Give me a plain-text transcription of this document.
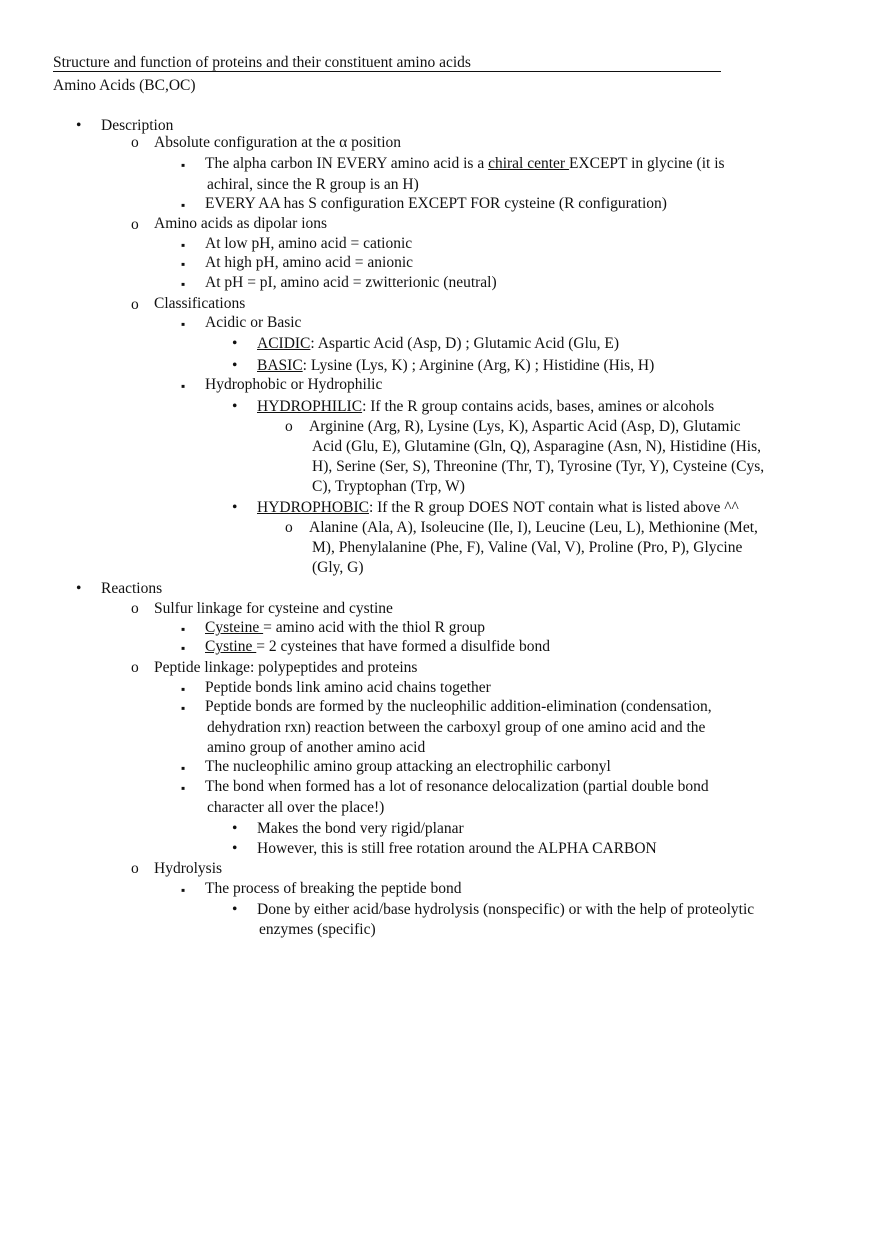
Structure and function of proteins and their constituent amino acids
Amino Acids (BC,OC)
• Description
o Absolute configuration at the α position
▪ The alpha carbon IN EVERY amino acid is a chiral center EXCEPT in glycine (it is
achiral, since the R group is an H)
▪ EVERY AA has S configuration EXCEPT FOR cysteine (R configuration)
o Amino acids as dipolar ions
▪ At low pH, amino acid = cationic
▪ At high pH, amino acid = anionic
▪ At pH = pI, amino acid = zwitterionic (neutral)
o Classifications
▪ Acidic or Basic
• ACIDIC: Aspartic Acid (Asp, D) ; Glutamic Acid (Glu, E)
• BASIC: Lysine (Lys, K) ; Arginine (Arg, K) ; Histidine (His, H)
▪ Hydrophobic or Hydrophilic
• HYDROPHILIC: If the R group contains acids, bases, amines or alcohols
o Arginine (Arg, R), Lysine (Lys, K), Aspartic Acid (Asp, D), Glutamic
Acid (Glu, E), Glutamine (Gln, Q), Asparagine (Asn, N), Histidine (His,
H), Serine (Ser, S), Threonine (Thr, T), Tyrosine (Tyr, Y), Cysteine (Cys,
C), Tryptophan (Trp, W)
• HYDROPHOBIC: If the R group DOES NOT contain what is listed above ^^
o Alanine (Ala, A), Isoleucine (Ile, I), Leucine (Leu, L), Methionine (Met,
M), Phenylalanine (Phe, F), Valine (Val, V), Proline (Pro, P), Glycine
(Gly, G)
• Reactions
o Sulfur linkage for cysteine and cystine
▪ Cysteine = amino acid with the thiol R group
▪ Cystine = 2 cysteines that have formed a disulfide bond
o Peptide linkage: polypeptides and proteins
▪ Peptide bonds link amino acid chains together
▪ Peptide bonds are formed by the nucleophilic addition-elimination (condensation,
dehydration rxn) reaction between the carboxyl group of one amino acid and the
amino group of another amino acid
▪ The nucleophilic amino group attacking an electrophilic carbonyl
▪ The bond when formed has a lot of resonance delocalization (partial double bond
character all over the place!)
• Makes the bond very rigid/planar
• However, this is still free rotation around the ALPHA CARBON
o Hydrolysis
▪ The process of breaking the peptide bond
• Done by either acid/base hydrolysis (nonspecific) or with the help of proteolytic
enzymes (specific)
